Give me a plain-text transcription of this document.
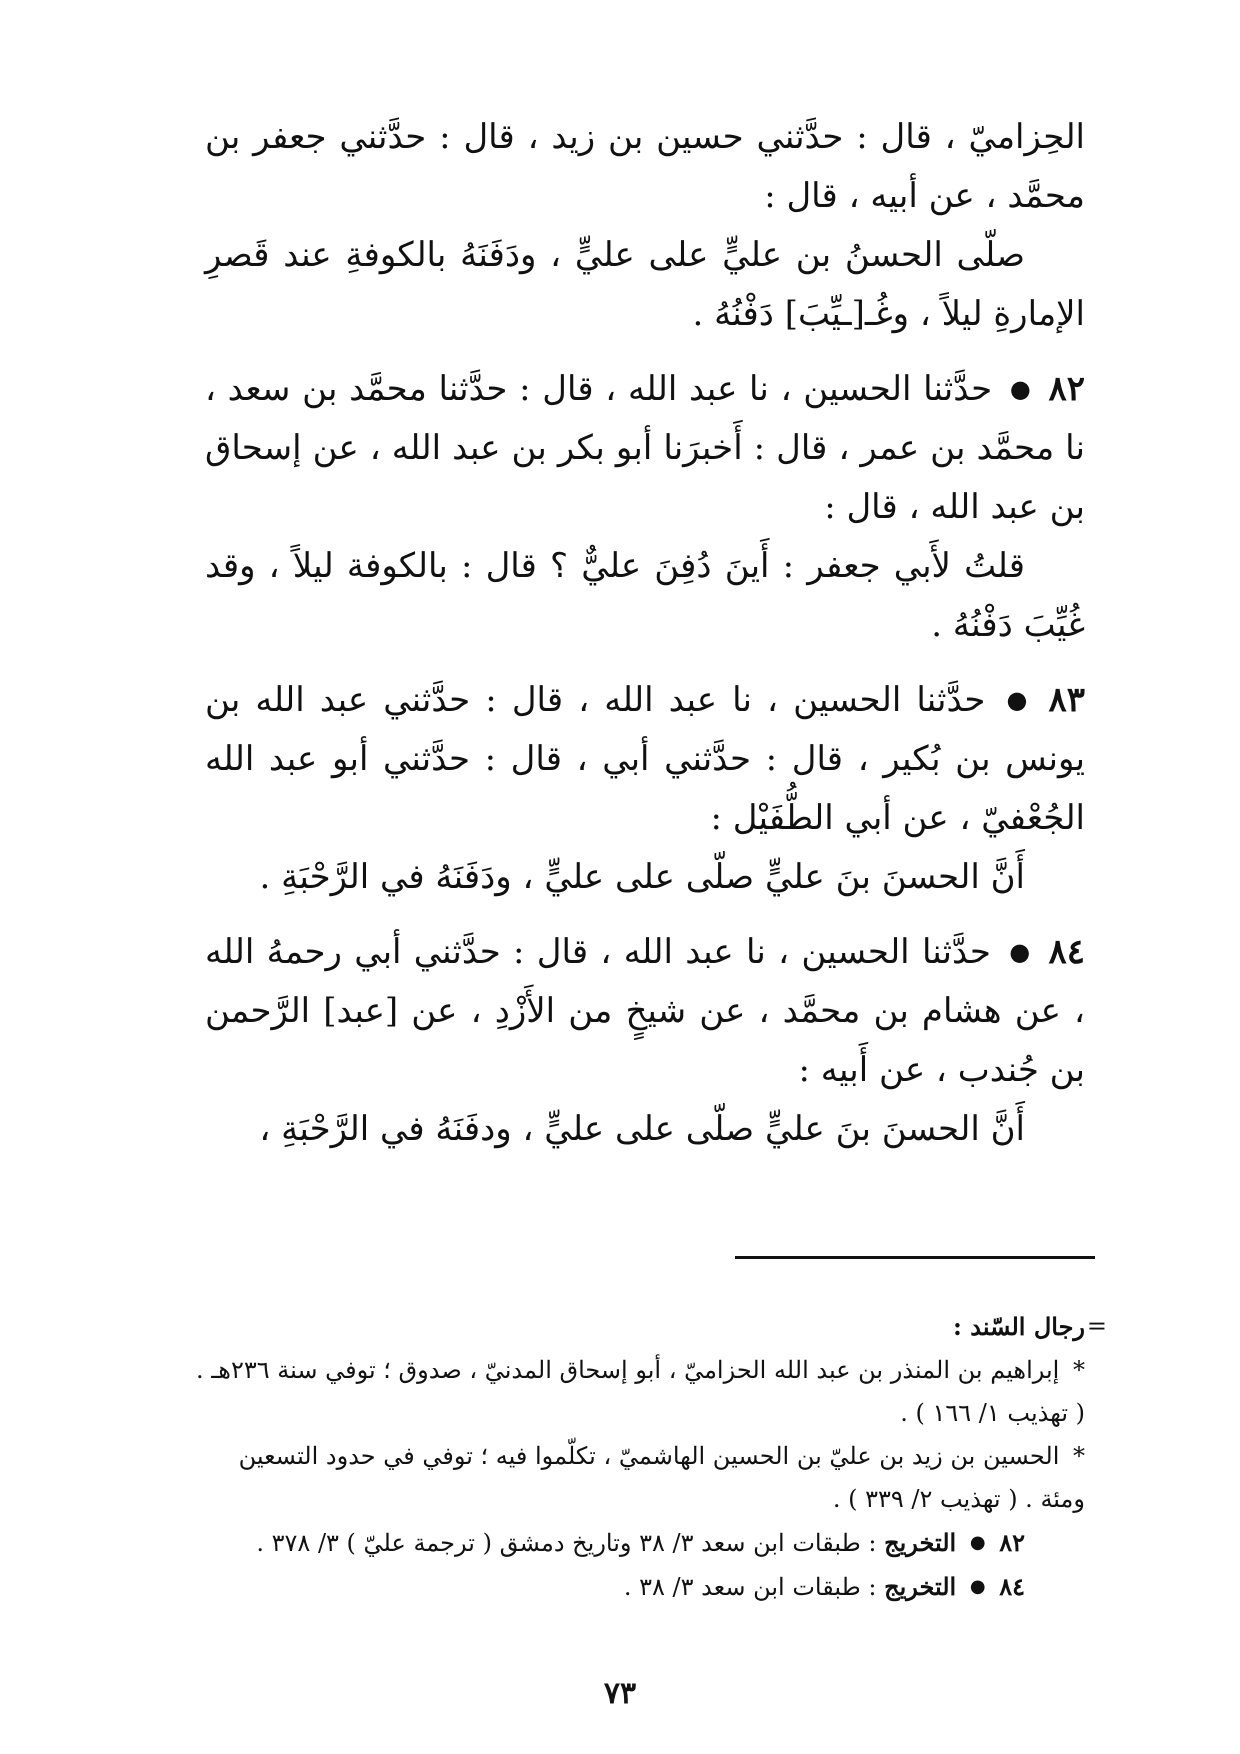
الحِزاميّ ، قال : حدَّثني حسين بن زيد ، قال : حدَّثني جعفر بن محمَّد ، عن أبيه ، قال :

صلّى الحسنُ بن عليٍّ على عليٍّ ، ودَفَنَهُ بالكوفةِ عند قَصرِ الإمارةِ ليلاً ، وغُـ[ـيِّبَ] دَفْنُهُ .

٨٢ ● حدَّثنا الحسين ، نا عبد الله ، قال : حدَّثنا محمَّد بن سعد ، نا محمَّد بن عمر ، قال : أَخبرَنا أبو بكر بن عبد الله ، عن إسحاق بن عبد الله ، قال :

قلتُ لأَبي جعفر : أَينَ دُفِنَ عليٌّ ؟ قال : بالكوفة ليلاً ، وقد غُيِّبَ دَفْنُهُ .

٨٣ ● حدَّثنا الحسين ، نا عبد الله ، قال : حدَّثني عبد الله بن يونس بن بُكير ، قال : حدَّثني أبي ، قال : حدَّثني أبو عبد الله الجُعْفيّ ، عن أبي الطُّفَيْل :

أَنَّ الحسنَ بنَ عليٍّ صلّى على عليٍّ ، ودَفَنَهُ في الرَّحْبَةِ .

٨٤ ● حدَّثنا الحسين ، نا عبد الله ، قال : حدَّثني أبي رحمهُ الله ، عن هشام بن محمَّد ، عن شيخٍ من الأَزْدِ ، عن [عبد] الرَّحمن بن جُندب ، عن أَبيه :

أَنَّ الحسنَ بنَ عليٍّ صلّى على عليٍّ ، ودفَنَهُ في الرَّحْبَةِ ،

=
رجال السّند :

* إبراهيم بن المنذر بن عبد الله الحزاميّ ، أبو إسحاق المدنيّ ، صدوق ؛ توفي سنة ٢٣٦هـ . ( تهذيب ١/ ١٦٦ ) .

* الحسين بن زيد بن عليّ بن الحسين الهاشميّ ، تكلّموا فيه ؛ توفي في حدود التسعين ومئة . ( تهذيب ٢/ ٣٣٩ ) .

٨٢ ● التخريج : طبقات ابن سعد ٣/ ٣٨ وتاريخ دمشق ( ترجمة عليّ ) ٣/ ٣٧٨ .

٨٤ ● التخريج : طبقات ابن سعد ٣/ ٣٨ .

٧٣
